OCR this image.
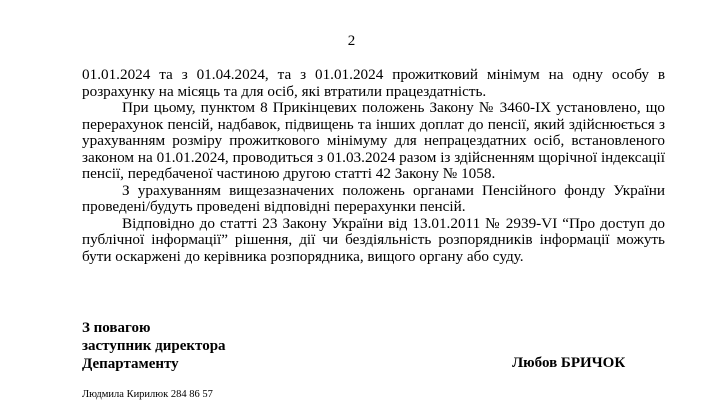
2

01.01.2024 та з 01.04.2024, та з 01.01.2024 прожитковий мінімум на одну особу в розрахунку на місяць та для осіб, які втратили працездатність.

При цьому, пунктом 8 Прикінцевих положень Закону № 3460-IX установлено, що перерахунок пенсій, надбавок, підвищень та інших доплат до пенсії, який здійснюється з урахуванням розміру прожиткового мінімуму для непрацездатних осіб, встановленого законом на 01.01.2024, проводиться з 01.03.2024 разом із здійсненням щорічної індексації пенсії, передбаченої частиною другою статті 42 Закону № 1058.

З урахуванням вищезазначених положень органами Пенсійного фонду України проведені/будуть проведені відповідні перерахунки пенсій.

Відповідно до статті 23 Закону України від 13.01.2011 № 2939-VI “Про доступ до публічної інформації” рішення, дії чи бездіяльність розпорядників інформації можуть бути оскаржені до керівника розпорядника, вищого органу або суду.

З повагою
заступник директора
Департаменту	Любов БРИЧОК
Людмила Кирилюк 284 86 57
